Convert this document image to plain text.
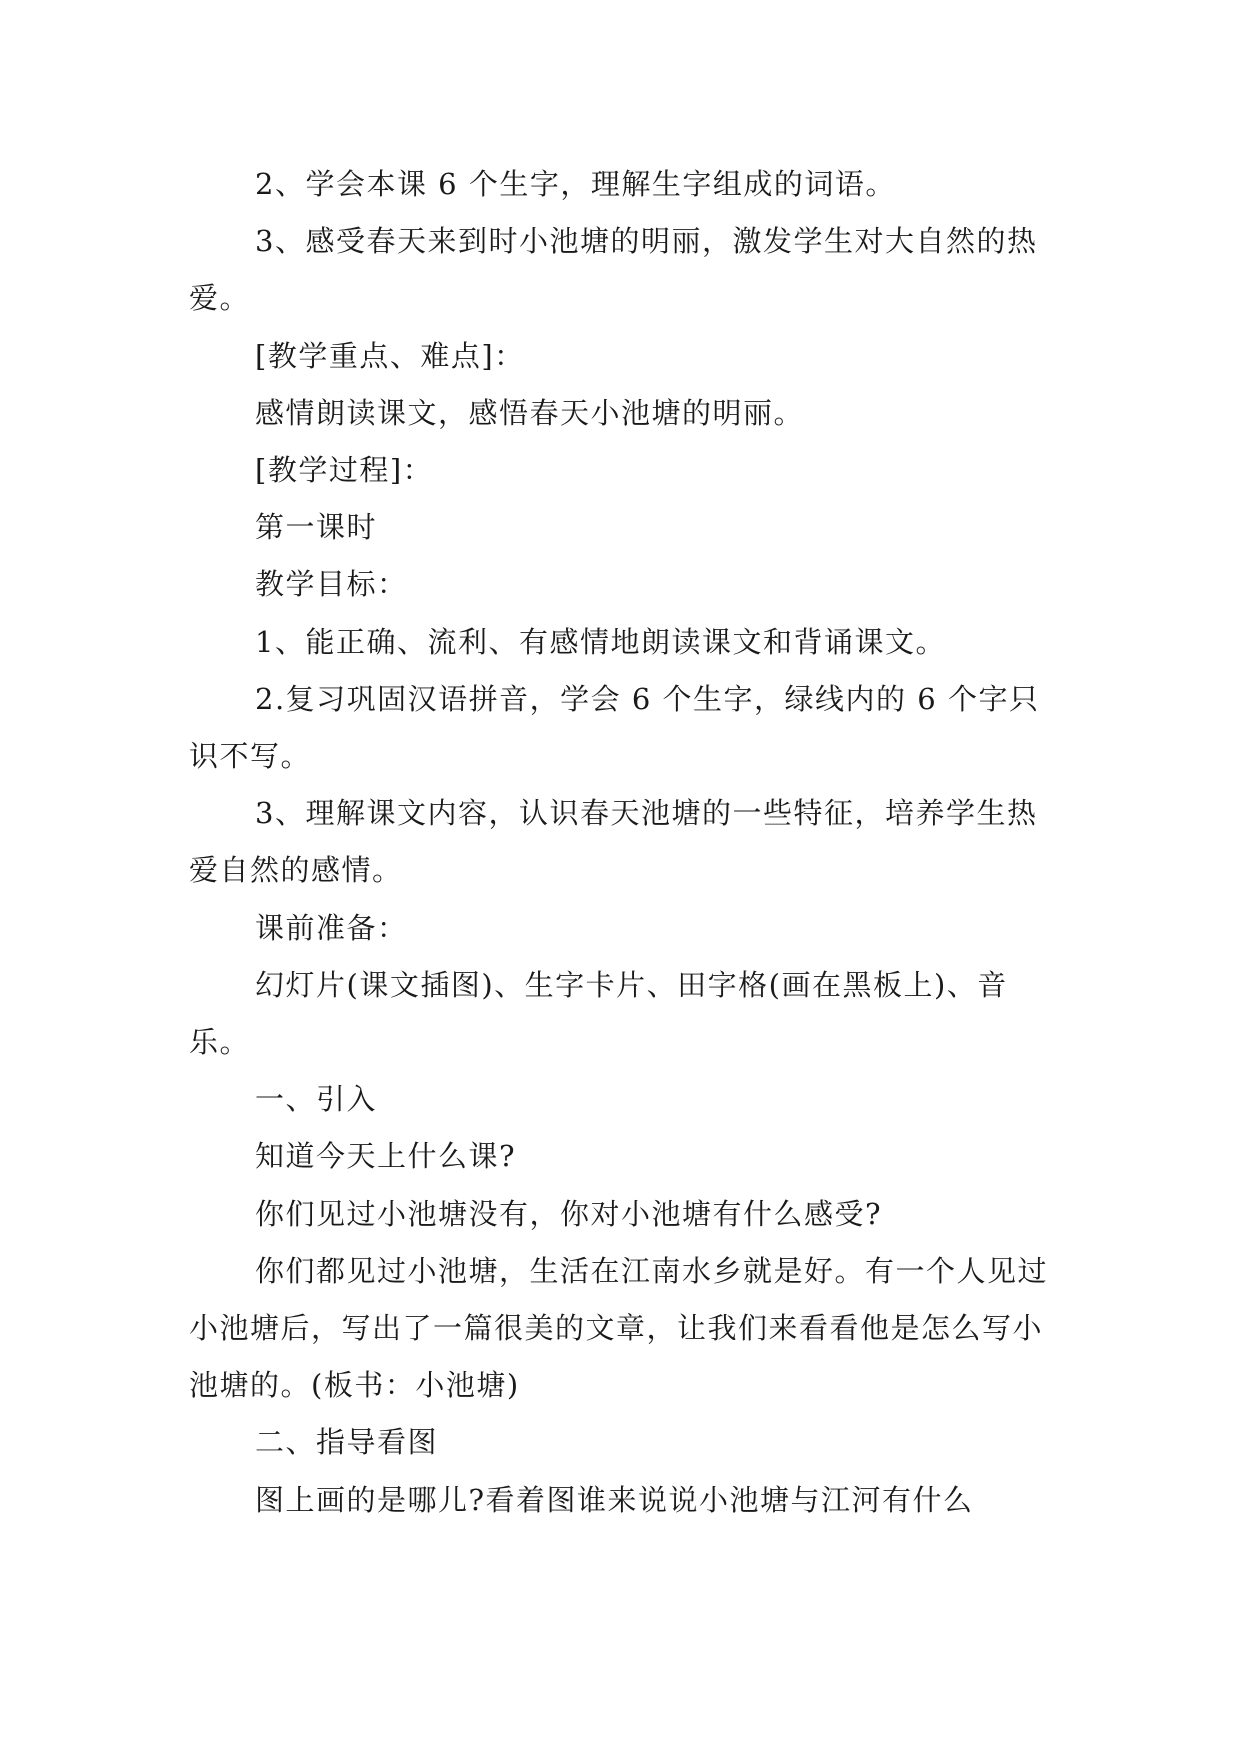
2、学会本课 6 个生字，理解生字组成的词语。

3、感受春天来到时小池塘的明丽，激发学生对大自然的热爱。

[教学重点、难点]：

感情朗读课文，感悟春天小池塘的明丽。

[教学过程]：

第一课时

教学目标：

1、能正确、流利、有感情地朗读课文和背诵课文。

2.复习巩固汉语拼音，学会 6 个生字，绿线内的 6 个字只识不写。

3、理解课文内容，认识春天池塘的一些特征，培养学生热爱自然的感情。

课前准备：

幻灯片(课文插图)、生字卡片、田字格(画在黑板上)、音乐。

一、引入

知道今天上什么课?

你们见过小池塘没有，你对小池塘有什么感受?

你们都见过小池塘，生活在江南水乡就是好。有一个人见过小池塘后，写出了一篇很美的文章，让我们来看看他是怎么写小池塘的。(板书：小池塘)

二、指导看图

图上画的是哪儿?看着图谁来说说小池塘与江河有什么
